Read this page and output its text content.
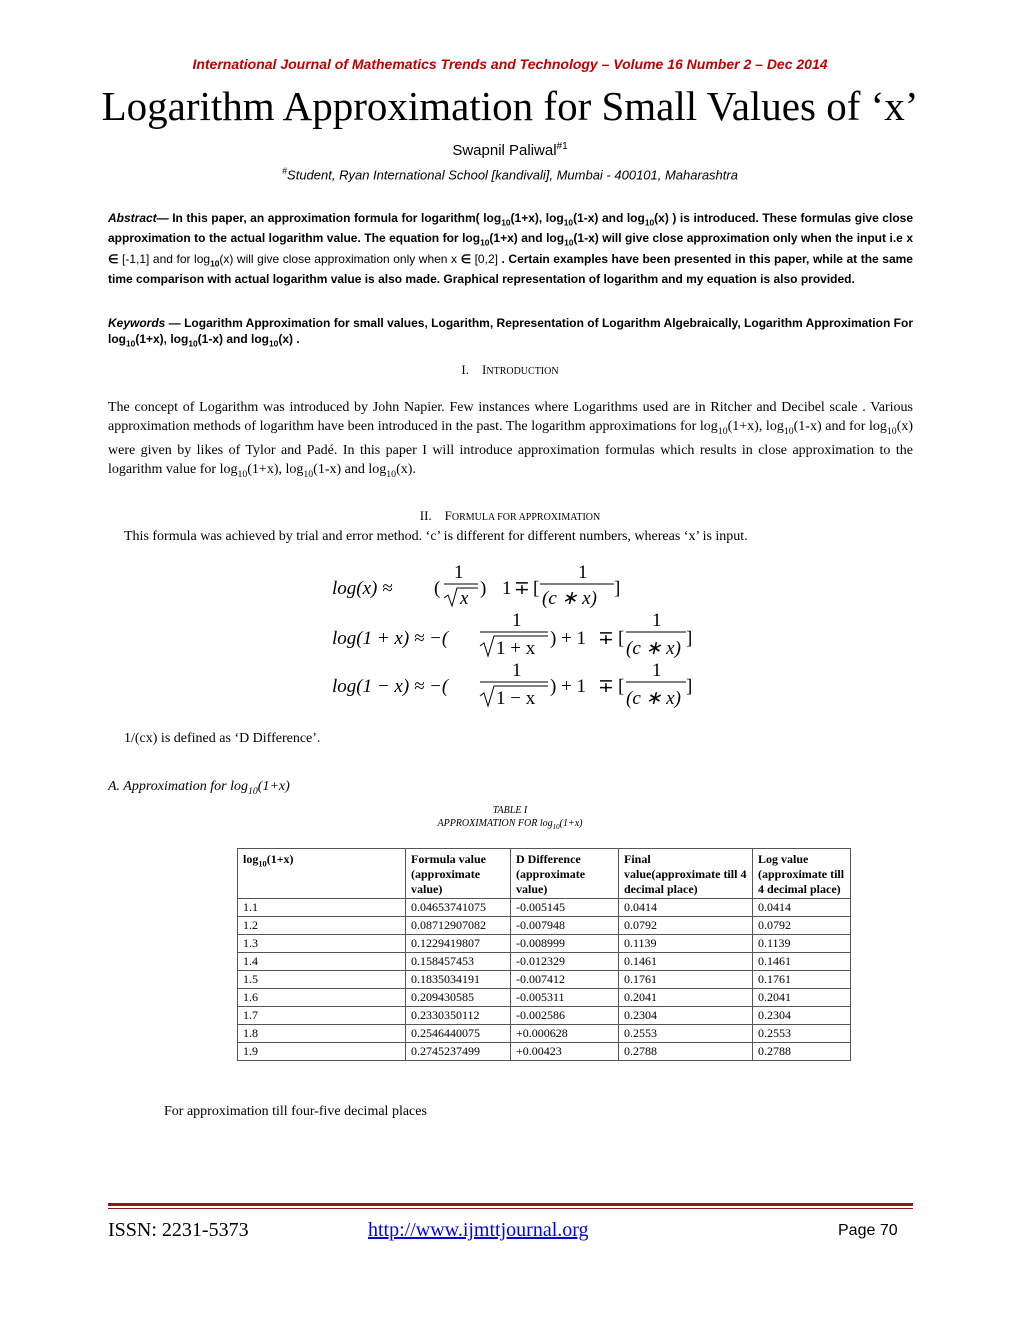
International Journal of Mathematics Trends and Technology – Volume 16 Number 2 – Dec 2014
Logarithm Approximation for Small Values of ‘x’
Swapnil Paliwal$^{\#1}$
#Student, Ryan International School [kandivali], Mumbai - 400101, Maharashtra
Abstract— In this paper, an approximation formula for logarithm( $\log_{10}(1+x)$, $\log_{10}(1-x)$ and $\log_{10}(x)$ ) is introduced. These formulas give close approximation to the actual logarithm value. The equation for $\log_{10}(1+x)$ and $\log_{10}(1-x)$ will give close approximation only when the input i.e x ∈ [-1,1] and for $\log_{10}(x)$ will give close approximation only when x ∈ [0,2] . Certain examples have been presented in this paper, while at the same time comparison with actual logarithm value is also made. Graphical representation of logarithm and my equation is also provided.
Keywords — Logarithm Approximation for small values, Logarithm, Representation of Logarithm Algebraically, Logarithm Approximation For $\log_{10}(1+x)$, $\log_{10}(1-x)$ and $\log_{10}(x)$ .
I. INTRODUCTION
The concept of Logarithm was introduced by John Napier. Few instances where Logarithms used are in Ritcher and Decibel scale . Various approximation methods of logarithm have been introduced in the past. The logarithm approximations for $\log_{10}(1+x)$, $\log_{10}(1-x)$ and for $\log_{10}(x)$ were given by likes of Tylor and Padé. In this paper I will introduce approximation formulas which results in close approximation to the logarithm value for $\log_{10}(1+x)$, $\log_{10}(1-x)$ and $\log_{10}(x)$.
II. FORMULA FOR APPROXIMATION
This formula was achieved by trial and error method. ‘c’ is different for different numbers, whereas ‘x’ is input.
log(x) ≈ (
1
x ) 1 ∓ [
1
(c ∗ x) ]
log(1 + x) ≈ −(
1
1 + x ) + 1 ∓ [
1
(c ∗ x) ]
log(1 − x) ≈ −(
1
1 − x
) + 1 ∓ [
1
(c ∗ x)
]
1/(cx) is defined as ‘D Difference’.
A. Approximation for $\log_{10}(1+x)$
TABLE I
APPROXIMATION FOR $\log_{10}(1+x)$
$\log_{10}(1+x)$	Formula value (approximate value)	D Difference (approximate value)	Final value(approximate till 4 decimal place)	Log value (approximate till 4 decimal place)
1.1	0.04653741075	-0.005145	0.0414	0.0414
1.2	0.08712907082	-0.007948	0.0792	0.0792
1.3	0.1229419807	-0.008999	0.1139	0.1139
1.4	0.158457453	-0.012329	0.1461	0.1461
1.5	0.1835034191	-0.007412	0.1761	0.1761
1.6	0.209430585	-0.005311	0.2041	0.2041
1.7	0.2330350112	-0.002586	0.2304	0.2304
1.8	0.2546440075	+0.000628	0.2553	0.2553
1.9	0.2745237499	+0.00423	0.2788	0.2788
For approximation till four-five decimal places
ISSN: 2231-5373	http://www.ijmttjournal.org	Page 70
